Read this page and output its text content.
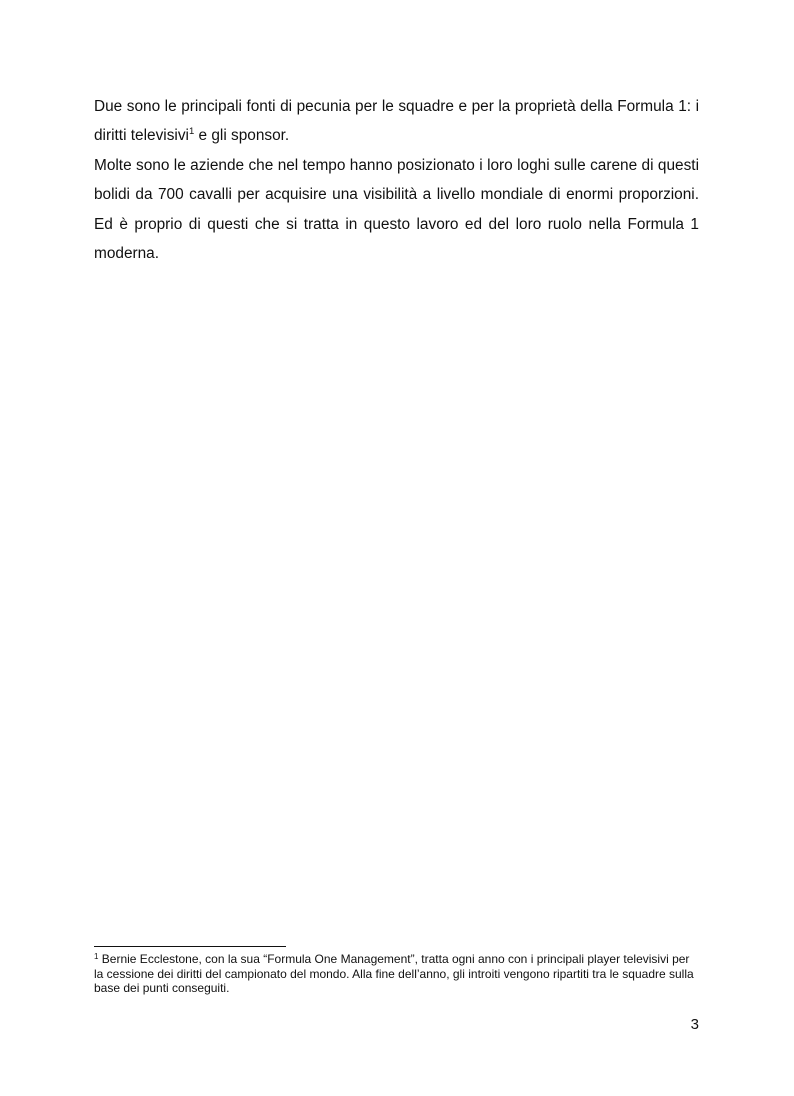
Due sono le principali fonti di pecunia per le squadre e per la proprietà della Formula 1: i diritti televisivi$^1$ e gli sponsor.

Molte sono le aziende che nel tempo hanno posizionato i loro loghi sulle carene di questi bolidi da 700 cavalli per acquisire una visibilità a livello mondiale di enormi proporzioni. Ed è proprio di questi che si tratta in questo lavoro ed del loro ruolo nella Formula 1 moderna.

$^1$ Bernie Ecclestone, con la sua “Formula One Management”, tratta ogni anno con i principali player televisivi per la cessione dei diritti del campionato del mondo. Alla fine dell’anno, gli introiti vengono ripartiti tra le squadre sulla base dei punti conseguiti.

3
